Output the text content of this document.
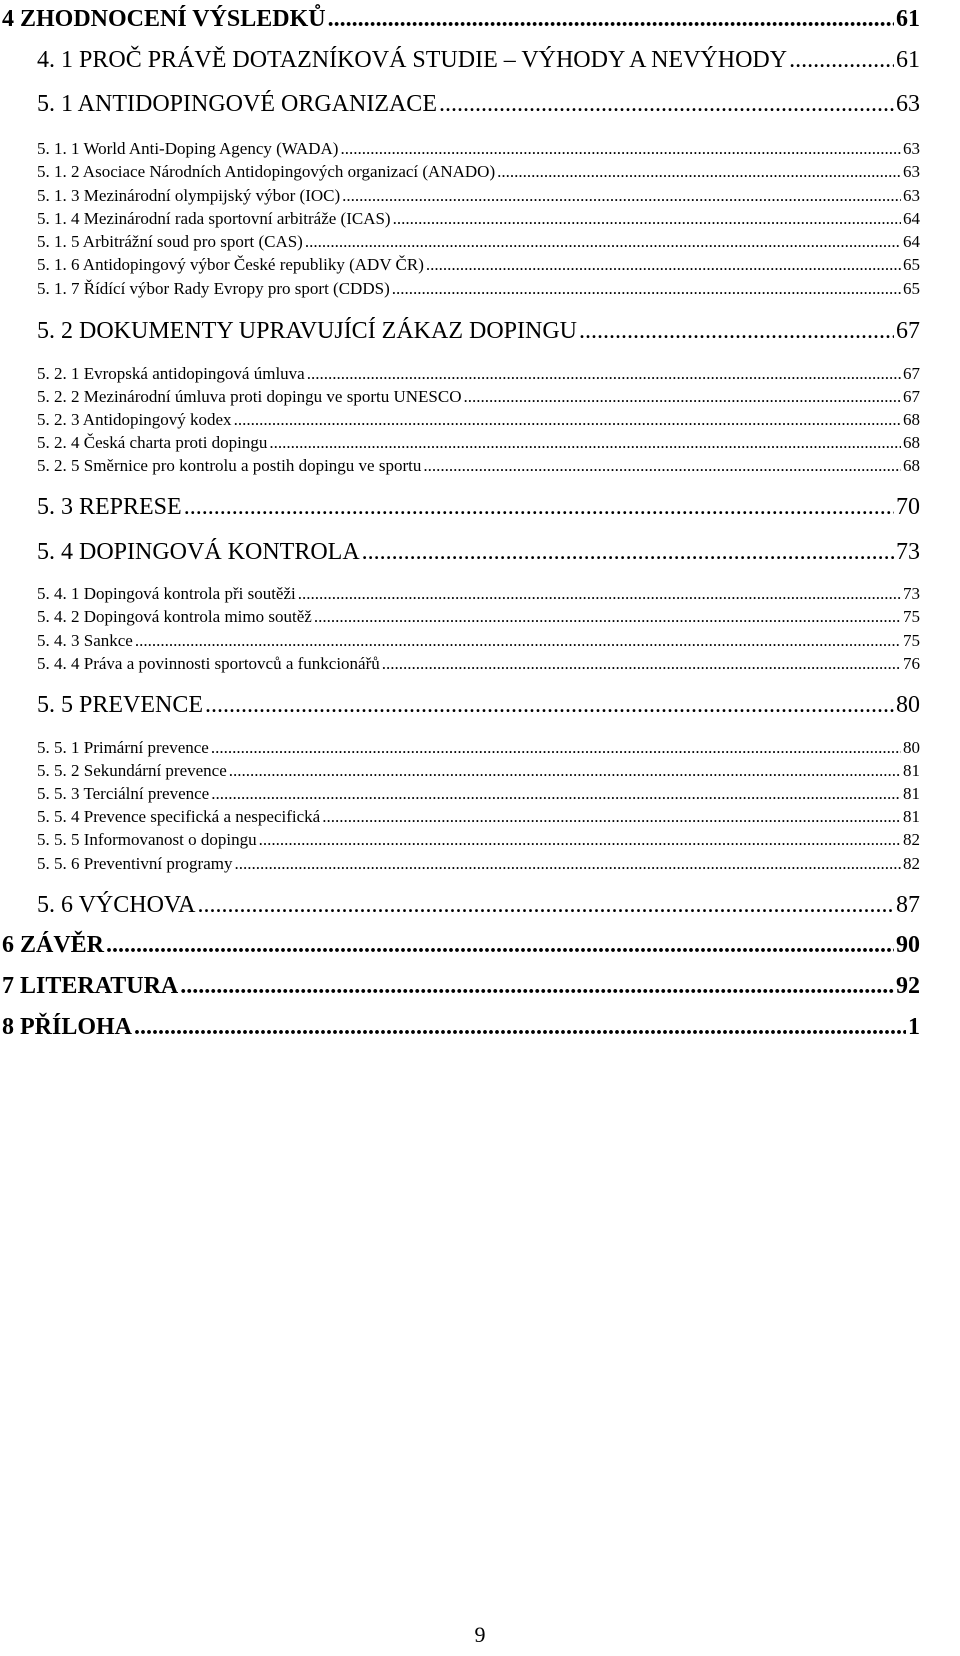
4 ZHODNOCENÍ VÝSLEDKŮ .....	61
4. 1 PROČ PRÁVĚ DOTAZNÍKOVÁ STUDIE – VÝHODY A NEVÝHODY .....	61
5. 1 ANTIDOPINGOVÉ ORGANIZACE .....	63
5. 1. 1 World Anti-Doping Agency (WADA) .....	63
5. 1. 2 Asociace Národních Antidopingových organizací (ANADO) .....	63
5. 1. 3 Mezinárodní olympijský výbor (IOC) .....	63
5. 1. 4 Mezinárodní rada sportovní arbitráže (ICAS) .....	64
5. 1. 5 Arbitrážní soud pro sport (CAS) .....	64
5. 1. 6 Antidopingový výbor České republiky (ADV ČR) .....	65
5. 1. 7 Řídící výbor Rady Evropy pro sport (CDDS) .....	65
5. 2 DOKUMENTY UPRAVUJÍCÍ ZÁKAZ DOPINGU .....	67
5. 2. 1 Evropská antidopingová úmluva .....	67
5. 2. 2 Mezinárodní úmluva proti dopingu ve sportu UNESCO .....	67
5. 2. 3 Antidopingový kodex .....	68
5. 2. 4 Česká charta proti dopingu .....	68
5. 2. 5 Směrnice pro kontrolu a postih dopingu ve sportu .....	68
5. 3 REPRESE .....	70
5. 4 DOPINGOVÁ KONTROLA .....	73
5. 4. 1 Dopingová kontrola při soutěži .....	73
5. 4. 2 Dopingová kontrola mimo soutěž .....	75
5. 4. 3 Sankce .....	75
5. 4. 4 Práva a povinnosti sportovců a funkcionářů .....	76
5. 5 PREVENCE .....	80
5. 5. 1 Primární prevence .....	80
5. 5. 2 Sekundární prevence .....	81
5. 5. 3 Terciální prevence .....	81
5. 5. 4 Prevence specifická a nespecifická .....	81
5. 5. 5 Informovanost o dopingu .....	82
5. 5. 6 Preventivní programy .....	82
5. 6 VÝCHOVA .....	87
6 ZÁVĚR .....	90
7 LITERATURA .....	92
8 PŘÍLOHA .....	1
9
